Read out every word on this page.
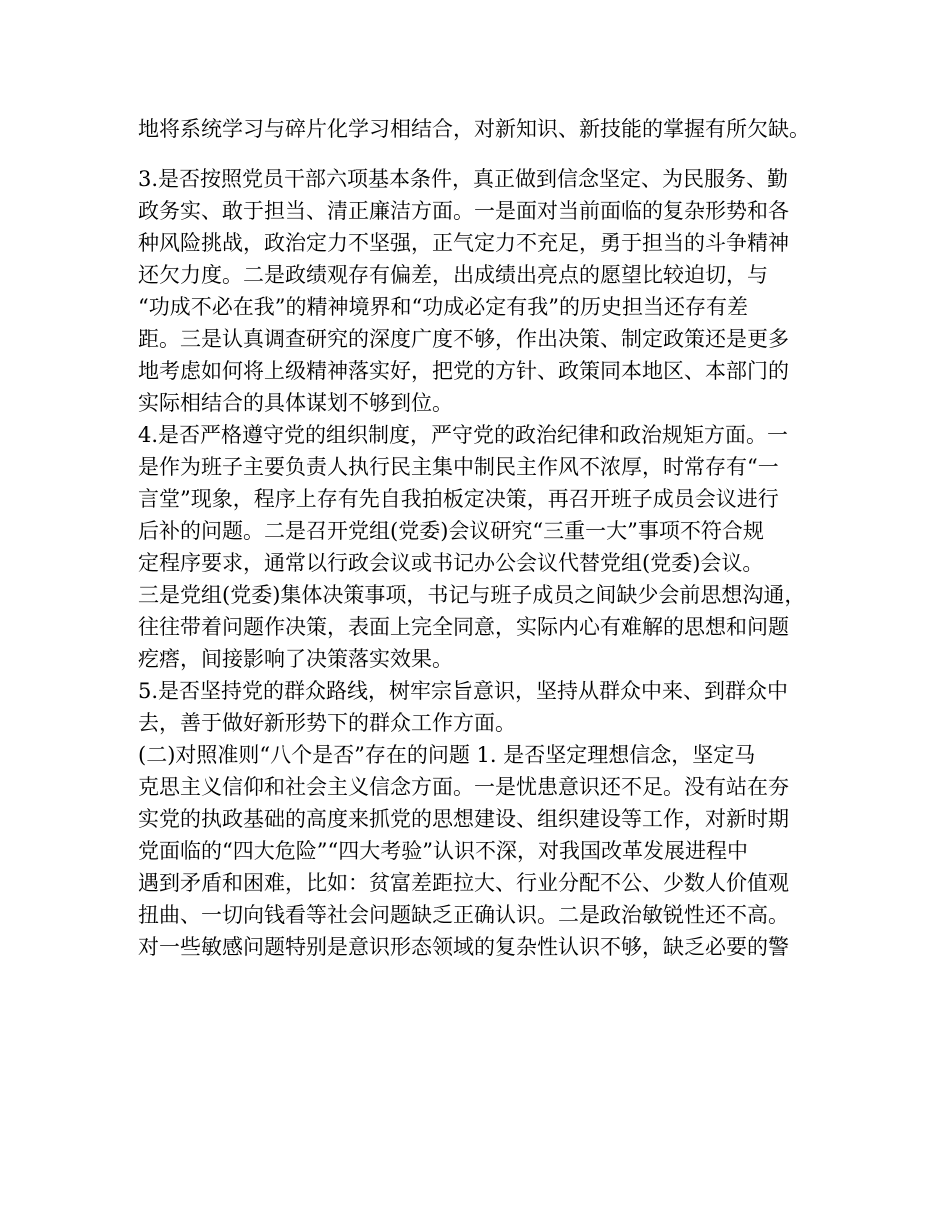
地将系统学习与碎片化学习相结合，对新知识、新技能的掌握有所欠缺。
3.是否按照党员干部六项基本条件，真正做到信念坚定、为民服务、勤
政务实、敢于担当、清正廉洁方面。一是面对当前面临的复杂形势和各
种风险挑战，政治定力不坚强，正气定力不充足，勇于担当的斗争精神
还欠力度。二是政绩观存有偏差，出成绩出亮点的愿望比较迫切，与
“功成不必在我”的精神境界和“功成必定有我”的历史担当还存有差
距。三是认真调查研究的深度广度不够，作出决策、制定政策还是更多
地考虑如何将上级精神落实好，把党的方针、政策同本地区、本部门的
实际相结合的具体谋划不够到位。
4.是否严格遵守党的组织制度，严守党的政治纪律和政治规矩方面。一
是作为班子主要负责人执行民主集中制民主作风不浓厚，时常存有“一
言堂”现象，程序上存有先自我拍板定决策，再召开班子成员会议进行
后补的问题。二是召开党组(党委)会议研究“三重一大”事项不符合规
定程序要求，通常以行政会议或书记办公会议代替党组(党委)会议。
三是党组(党委)集体决策事项，书记与班子成员之间缺少会前思想沟通，
往往带着问题作决策，表面上完全同意，实际内心有难解的思想和问题
疙瘩，间接影响了决策落实效果。
5.是否坚持党的群众路线，树牢宗旨意识，坚持从群众中来、到群众中
去，善于做好新形势下的群众工作方面。
(二)对照准则“八个是否”存在的问题 1. 是否坚定理想信念，坚定马
克思主义信仰和社会主义信念方面。一是忧患意识还不足。没有站在夯
实党的执政基础的高度来抓党的思想建设、组织建设等工作，对新时期
党面临的“四大危险”“四大考验”认识不深，对我国改革发展进程中
遇到矛盾和困难，比如：贫富差距拉大、行业分配不公、少数人价值观
扭曲、一切向钱看等社会问题缺乏正确认识。二是政治敏锐性还不高。
对一些敏感问题特别是意识形态领域的复杂性认识不够，缺乏必要的警
